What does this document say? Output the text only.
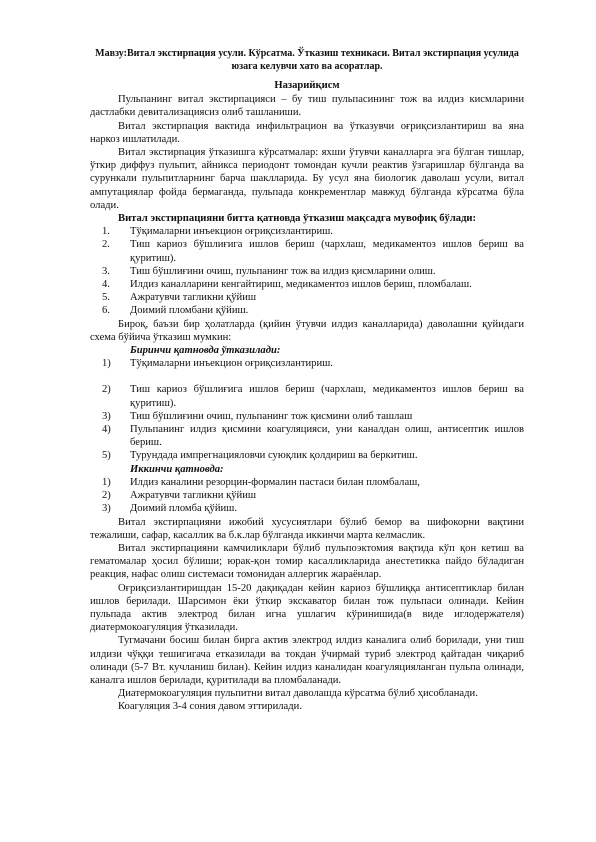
Мавзу:Витал экстирпация усули. Кўрсатма. Ўтказиш техникаси. Витал экстирпация усулида юзага келувчи хато ва асоратлар.
Назарийқисм

Пульпанинг витал экстирпацияси – бу тиш пульпасининг тож ва илдиз кисмларини дастлабки девитализациясиз олиб ташланиши.

Витал экстирпация вактида инфильтрацион ва ўтказувчи оғриқсизлантириш ва яна наркоз ишлатилади.

Витал экстирпация ўтказишга кўрсатмалар: яхши ўтувчи каналларга эга бўлган тишлар, ўткир диффуз пульпит, айникса периодонт томондан кучли реактив ўзгаришлар бўлганда ва сурункали пульпитларнинг барча шаклларида. Бу усул яна биологик даволаш усули, витал ампутациялар фойда бермаганда, пульпада конкрементлар мавжуд бўлганда кўрсатма бўла олади.

Витал экстирпацияни битта қатновда ўтказиш мақсадга мувофиқ бўлади:

1. Тўқималарни инъекцион оғриқсизлантириш.
2. Тиш кариоз бўшлиғига ишлов бериш (чархлаш, медикаментоз ишлов бериш ва қуритиш).
3. Тиш бўшлиғини очиш, пульпанинг тож ва илдиз қисмларини олиш.
4. Илдиз каналларини кенгайтириш, медикаментоз ишлов бериш, пломбалаш.
5. Ажратувчи тагликни қўйиш
6. Доимий пломбани қўйиш.

Бироқ, баъзи бир ҳолатларда (қийин ўтувчи илдиз каналларида) даволашни қуйидаги схема бўйича ўтказиш мумкин:

Биринчи қатновда ўтказилади:
1) Тўқималарни инъекцион оғриқсизлантириш.
2) Тиш кариоз бўшлиғига ишлов бериш (чархлаш, медикаментоз ишлов бериш ва қуритиш).
3) Тиш бўшлиғини очиш, пульпанинг тож қисмини олиб ташлаш
4) Пульпанинг илдиз қисмини коагуляцияси, уни каналдан олиш, антисептик ишлов бериш.
5) Турундада импрегнацияловчи суюқлик қолдириш ва беркитиш.
Иккинчи қатновда:
1) Илдиз каналини резорцин-формалин пастаси билан пломбалаш,
2) Ажратувчи тагликни қўйиш
3) Доимий пломба қўйиш.

Витал экстирпацияни ижобий хусусиятлари бўлиб бемор ва шифокорни вақтини тежалиши, сафар, касаллик ва б.к.лар бўлганда иккинчи марта келмаслик.

Витал экстирпацияни камчиликлари бўлиб пульпоэктомия вақтида кўп қон кетиш ва гематомалар ҳосил бўлиши; юрак-қон томир касалликларида анестетикка пайдо бўладиган реакция, нафас олиш системаси томонидан аллергик жараёнлар.

Оғриқсизлантиришдан 15-20 дақиқадан кейин кариоз бўшлиққа антисептиклар билан ишлов берилади. Шарсимон ёки ўткир экскаватор билан тож пульпаси олинади. Кейин пульпада актив электрод билан игна ушлагич кўринишида(в виде иглодержателя) диатермокоагуляция ўтказилади.

Тугмачани босиш билан бирга актив электрод илдиз каналига олиб борилади, уни тиш илдизи чўққи тешигигача етказилади ва токдан ўчирмай туриб электрод қайтадан чиқариб олинади (5-7 Вт. кучланиш билан). Кейин илдиз каналидан коагуляцияланган пульпа олинади, каналга ишлов берилади, қуритилади ва пломбаланади.

Диатермокоагуляция пульпитни витал даволашда кўрсатма бўлиб ҳисобланади.

Коагуляция 3-4 сония давом эттирилади.
